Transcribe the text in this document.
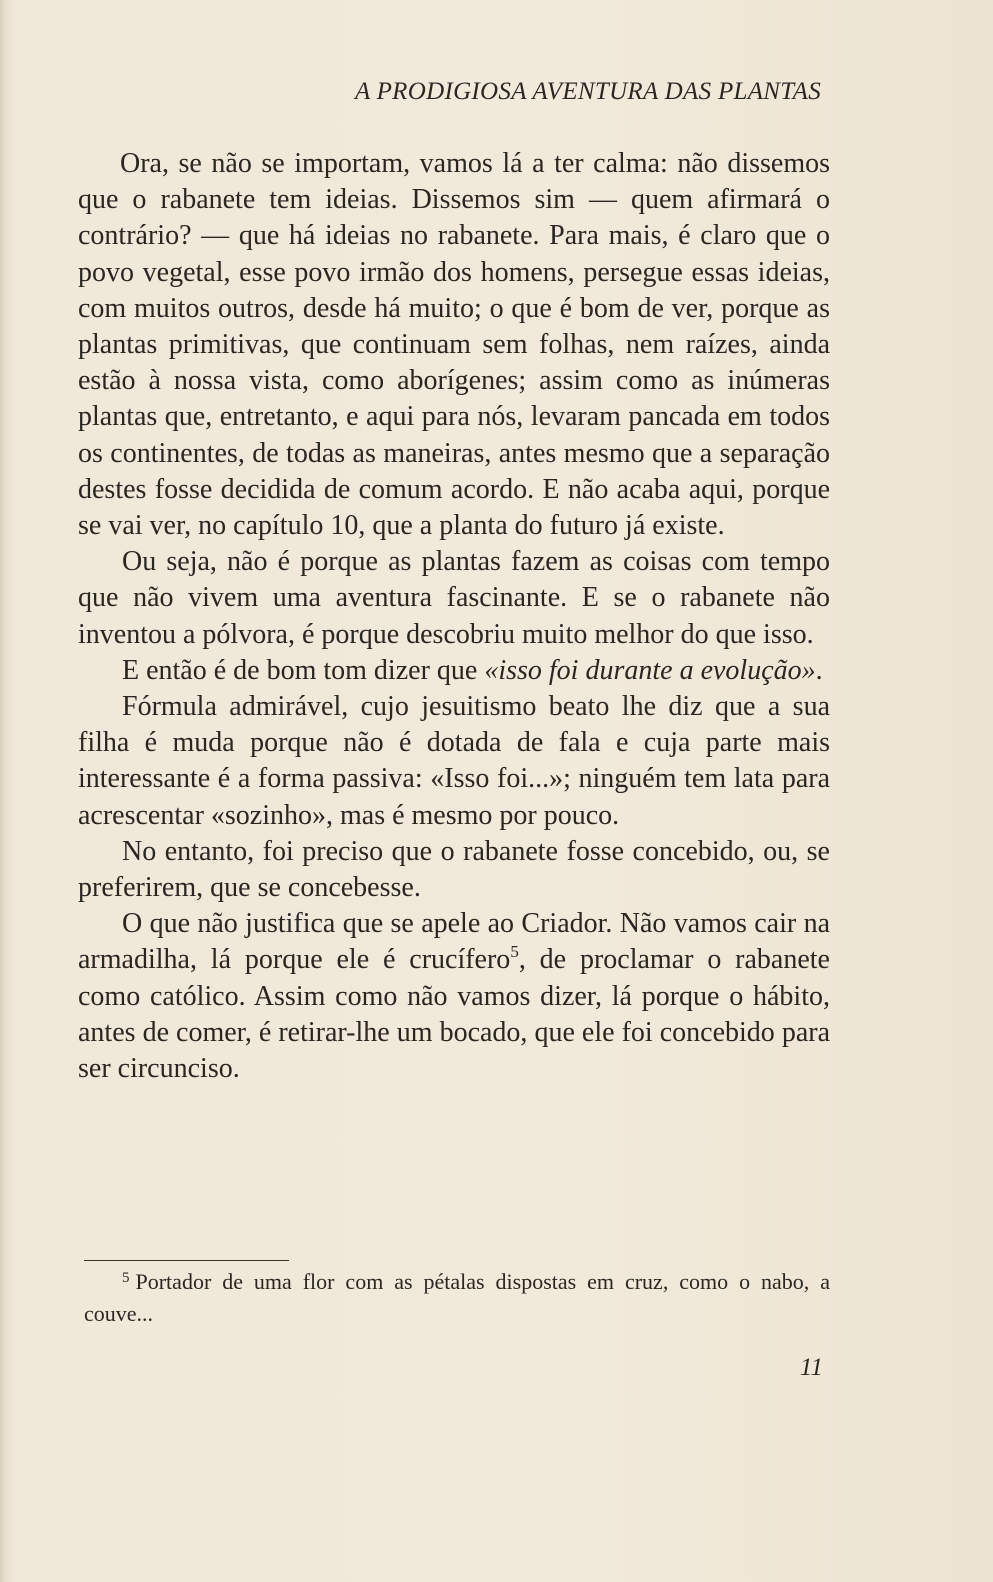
A PRODIGIOSA AVENTURA DAS PLANTAS

Ora, se não se importam, vamos lá a ter calma: não dissemos que o rabanete tem ideias. Dissemos sim — quem afirmará o contrário? — que há ideias no rabanete. Para mais, é claro que o povo vegetal, esse povo irmão dos homens, persegue essas ideias, com muitos outros, desde há muito; o que é bom de ver, porque as plantas primitivas, que continuam sem folhas, nem raízes, ainda estão à nossa vista, como aborígenes; assim como as inúmeras plantas que, entretanto, e aqui para nós, levaram pancada em todos os continentes, de todas as maneiras, antes mesmo que a separação destes fosse decidida de comum acordo. E não acaba aqui, porque se vai ver, no capítulo 10, que a planta do futuro já existe.

Ou seja, não é porque as plantas fazem as coisas com tempo que não vivem uma aventura fascinante. E se o rabanete não inventou a pólvora, é porque descobriu muito melhor do que isso.

E então é de bom tom dizer que «isso foi durante a evolução».

Fórmula admirável, cujo jesuitismo beato lhe diz que a sua filha é muda porque não é dotada de fala e cuja parte mais interessante é a forma passiva: «Isso foi...»; ninguém tem lata para acrescentar «sozinho», mas é mesmo por pouco.

No entanto, foi preciso que o rabanete fosse concebido, ou, se preferirem, que se concebesse.

O que não justifica que se apele ao Criador. Não vamos cair na armadilha, lá porque ele é crucífero$^5$, de proclamar o rabanete como católico. Assim como não vamos dizer, lá porque o hábito, antes de comer, é retirar-lhe um bocado, que ele foi concebido para ser circunciso.

$^5$ Portador de uma flor com as pétalas dispostas em cruz, como o nabo, a couve...
11
